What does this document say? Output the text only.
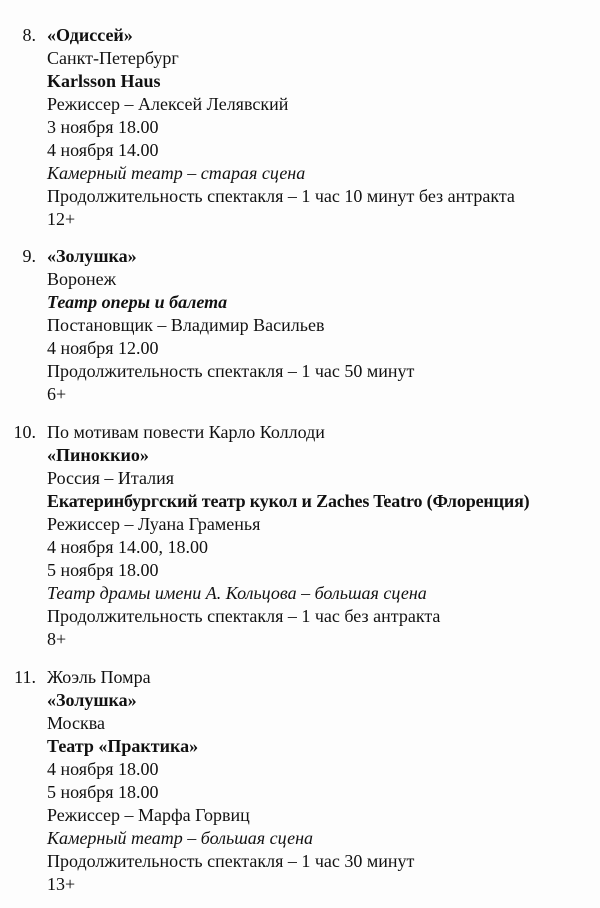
8. «Одиссей»
Санкт-Петербург
Karlsson Haus
Режиссер – Алексей Лелявский
3 ноября 18.00
4 ноября 14.00
Камерный театр – старая сцена
Продолжительность спектакля – 1 час 10 минут без антракта
12+
9. «Золушка»
Воронеж
Театр оперы и балета
Постановщик – Владимир Васильев
4 ноября 12.00
Продолжительность спектакля – 1 час 50 минут
6+
10. По мотивам повести Карло Коллоди
«Пиноккио»
Россия – Италия
Екатеринбургский театр кукол и Zaches Teatro (Флоренция)
Режиссер – Луана Граменья
4 ноября 14.00, 18.00
5 ноября 18.00
Театр драмы имени А. Кольцова – большая сцена
Продолжительность спектакля – 1 час без антракта
8+
11. Жоэль Помра
«Золушка»
Москва
Театр «Практика»
4 ноября 18.00
5 ноября 18.00
Режиссер – Марфа Горвиц
Камерный театр – большая сцена
Продолжительность спектакля – 1 час 30 минут
13+
